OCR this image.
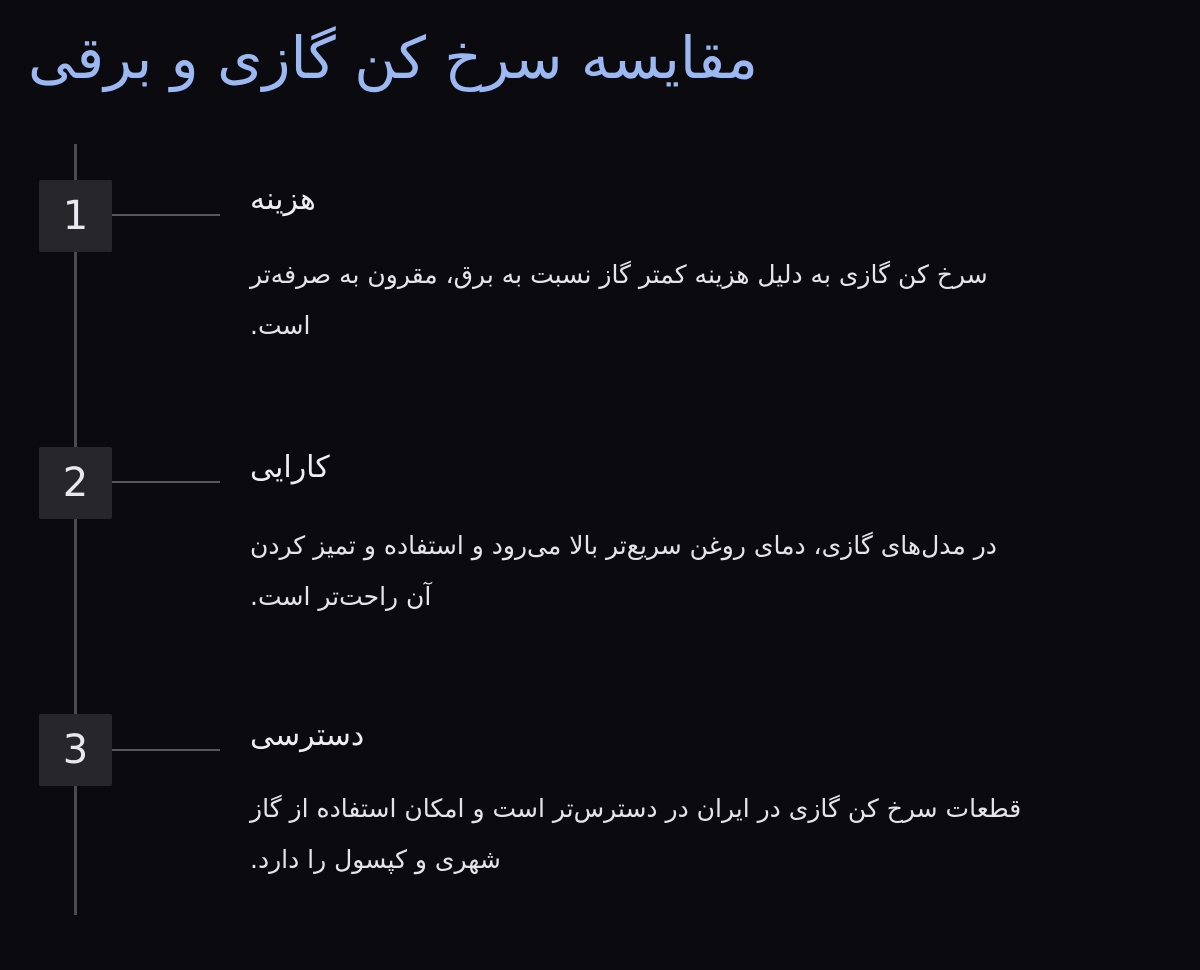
مقایسه سرخ کن گازی و برقی
1	هزینه
سرخ کن گازی به دلیل هزینه کمتر گاز نسبت به برق، مقرون به صرفه‌تر
است.
2	کارایی
در مدل‌های گازی، دمای روغن سریع‌تر بالا می‌رود و استفاده و تمیز کردن
آن راحت‌تر است.
3	دسترسی
قطعات سرخ کن گازی در ایران در دسترس‌تر است و امکان استفاده از گاز
شهری و کپسول را دارد.
